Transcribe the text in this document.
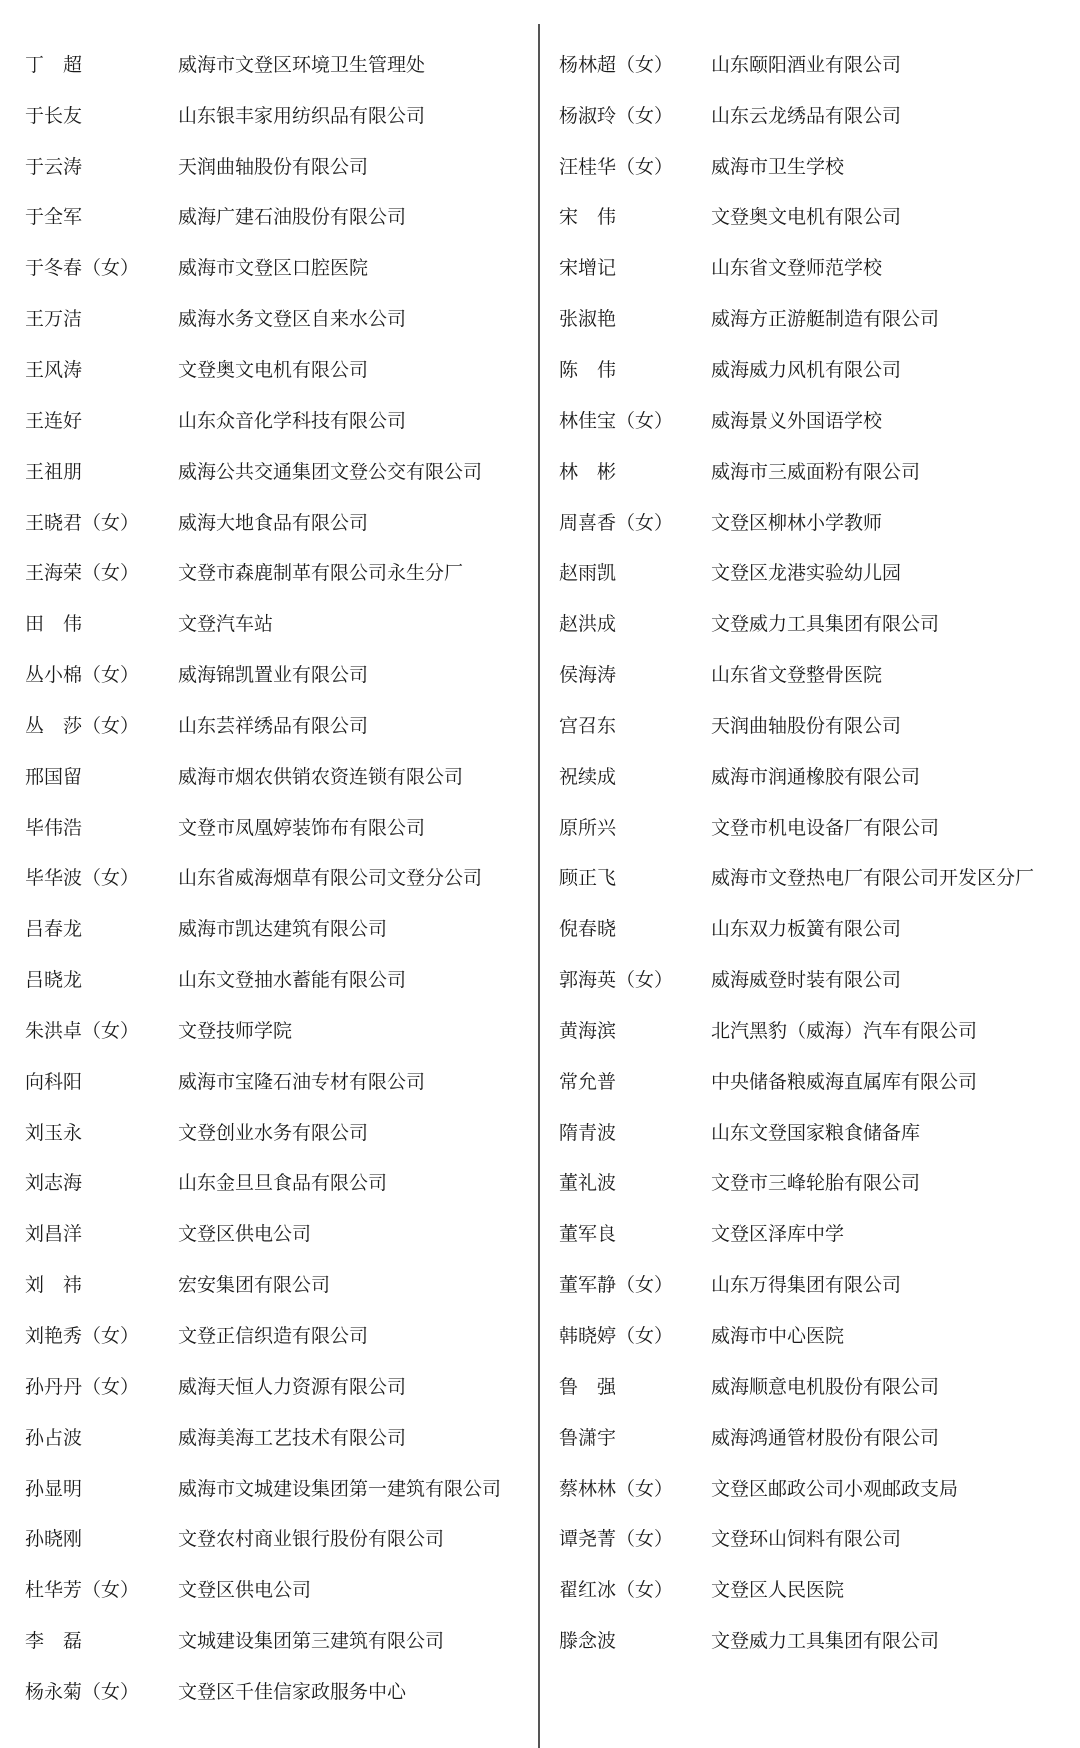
丁　超	威海市文登区环境卫生管理处
于长友	山东银丰家用纺织品有限公司
于云涛	天润曲轴股份有限公司
于全军	威海广建石油股份有限公司
于冬春（女）	威海市文登区口腔医院
王万洁	威海水务文登区自来水公司
王风涛	文登奥文电机有限公司
王连好	山东众音化学科技有限公司
王祖朋	威海公共交通集团文登公交有限公司
王晓君（女）	威海大地食品有限公司
王海荣（女）	文登市森鹿制革有限公司永生分厂
田　伟	文登汽车站
丛小棉（女）	威海锦凯置业有限公司
丛　莎（女）	山东芸祥绣品有限公司
邢国留	威海市烟农供销农资连锁有限公司
毕伟浩	文登市凤凰婷装饰布有限公司
毕华波（女）	山东省威海烟草有限公司文登分公司
吕春龙	威海市凯达建筑有限公司
吕晓龙	山东文登抽水蓄能有限公司
朱洪卓（女）	文登技师学院
向科阳	威海市宝隆石油专材有限公司
刘玉永	文登创业水务有限公司
刘志海	山东金旦旦食品有限公司
刘昌洋	文登区供电公司
刘　祎	宏安集团有限公司
刘艳秀（女）	文登正信织造有限公司
孙丹丹（女）	威海天恒人力资源有限公司
孙占波	威海美海工艺技术有限公司
孙显明	威海市文城建设集团第一建筑有限公司
孙晓刚	文登农村商业银行股份有限公司
杜华芳（女）	文登区供电公司
李　磊	文城建设集团第三建筑有限公司
杨永菊（女）	文登区千佳信家政服务中心
杨林超（女）	山东颐阳酒业有限公司
杨淑玲（女）	山东云龙绣品有限公司
汪桂华（女）	威海市卫生学校
宋　伟	文登奥文电机有限公司
宋增记	山东省文登师范学校
张淑艳	威海方正游艇制造有限公司
陈　伟	威海威力风机有限公司
林佳宝（女）	威海景义外国语学校
林　彬	威海市三威面粉有限公司
周喜香（女）	文登区柳林小学教师
赵雨凯	文登区龙港实验幼儿园
赵洪成	文登威力工具集团有限公司
侯海涛	山东省文登整骨医院
宫召东	天润曲轴股份有限公司
祝续成	威海市润通橡胶有限公司
原所兴	文登市机电设备厂有限公司
顾正飞	威海市文登热电厂有限公司开发区分厂
倪春晓	山东双力板簧有限公司
郭海英（女）	威海威登时装有限公司
黄海滨	北汽黑豹（威海）汽车有限公司
常允普	中央储备粮威海直属库有限公司
隋青波	山东文登国家粮食储备库
董礼波	文登市三峰轮胎有限公司
董军良	文登区泽库中学
董军静（女）	山东万得集团有限公司
韩晓婷（女）	威海市中心医院
鲁　强	威海顺意电机股份有限公司
鲁潇宇	威海鸿通管材股份有限公司
蔡林林（女）	文登区邮政公司小观邮政支局
谭尧菁（女）	文登环山饲料有限公司
翟红冰（女）	文登区人民医院
滕念波	文登威力工具集团有限公司
